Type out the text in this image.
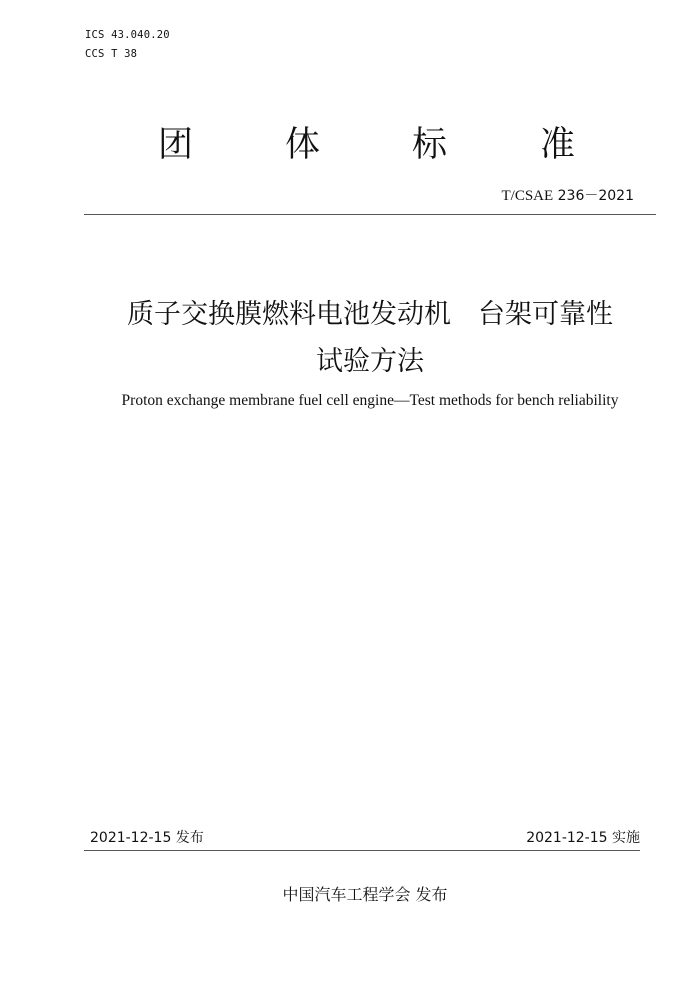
ICS 43.040.20
CCS T 38
团	体	标	准
T/CSAE 236－2021
质子交换膜燃料电池发动机　台架可靠性
试验方法
Proton exchange membrane fuel cell engine—Test methods for bench reliability
2021-12-15 发布	2021-12-15 实施
中国汽车工程学会 发布
